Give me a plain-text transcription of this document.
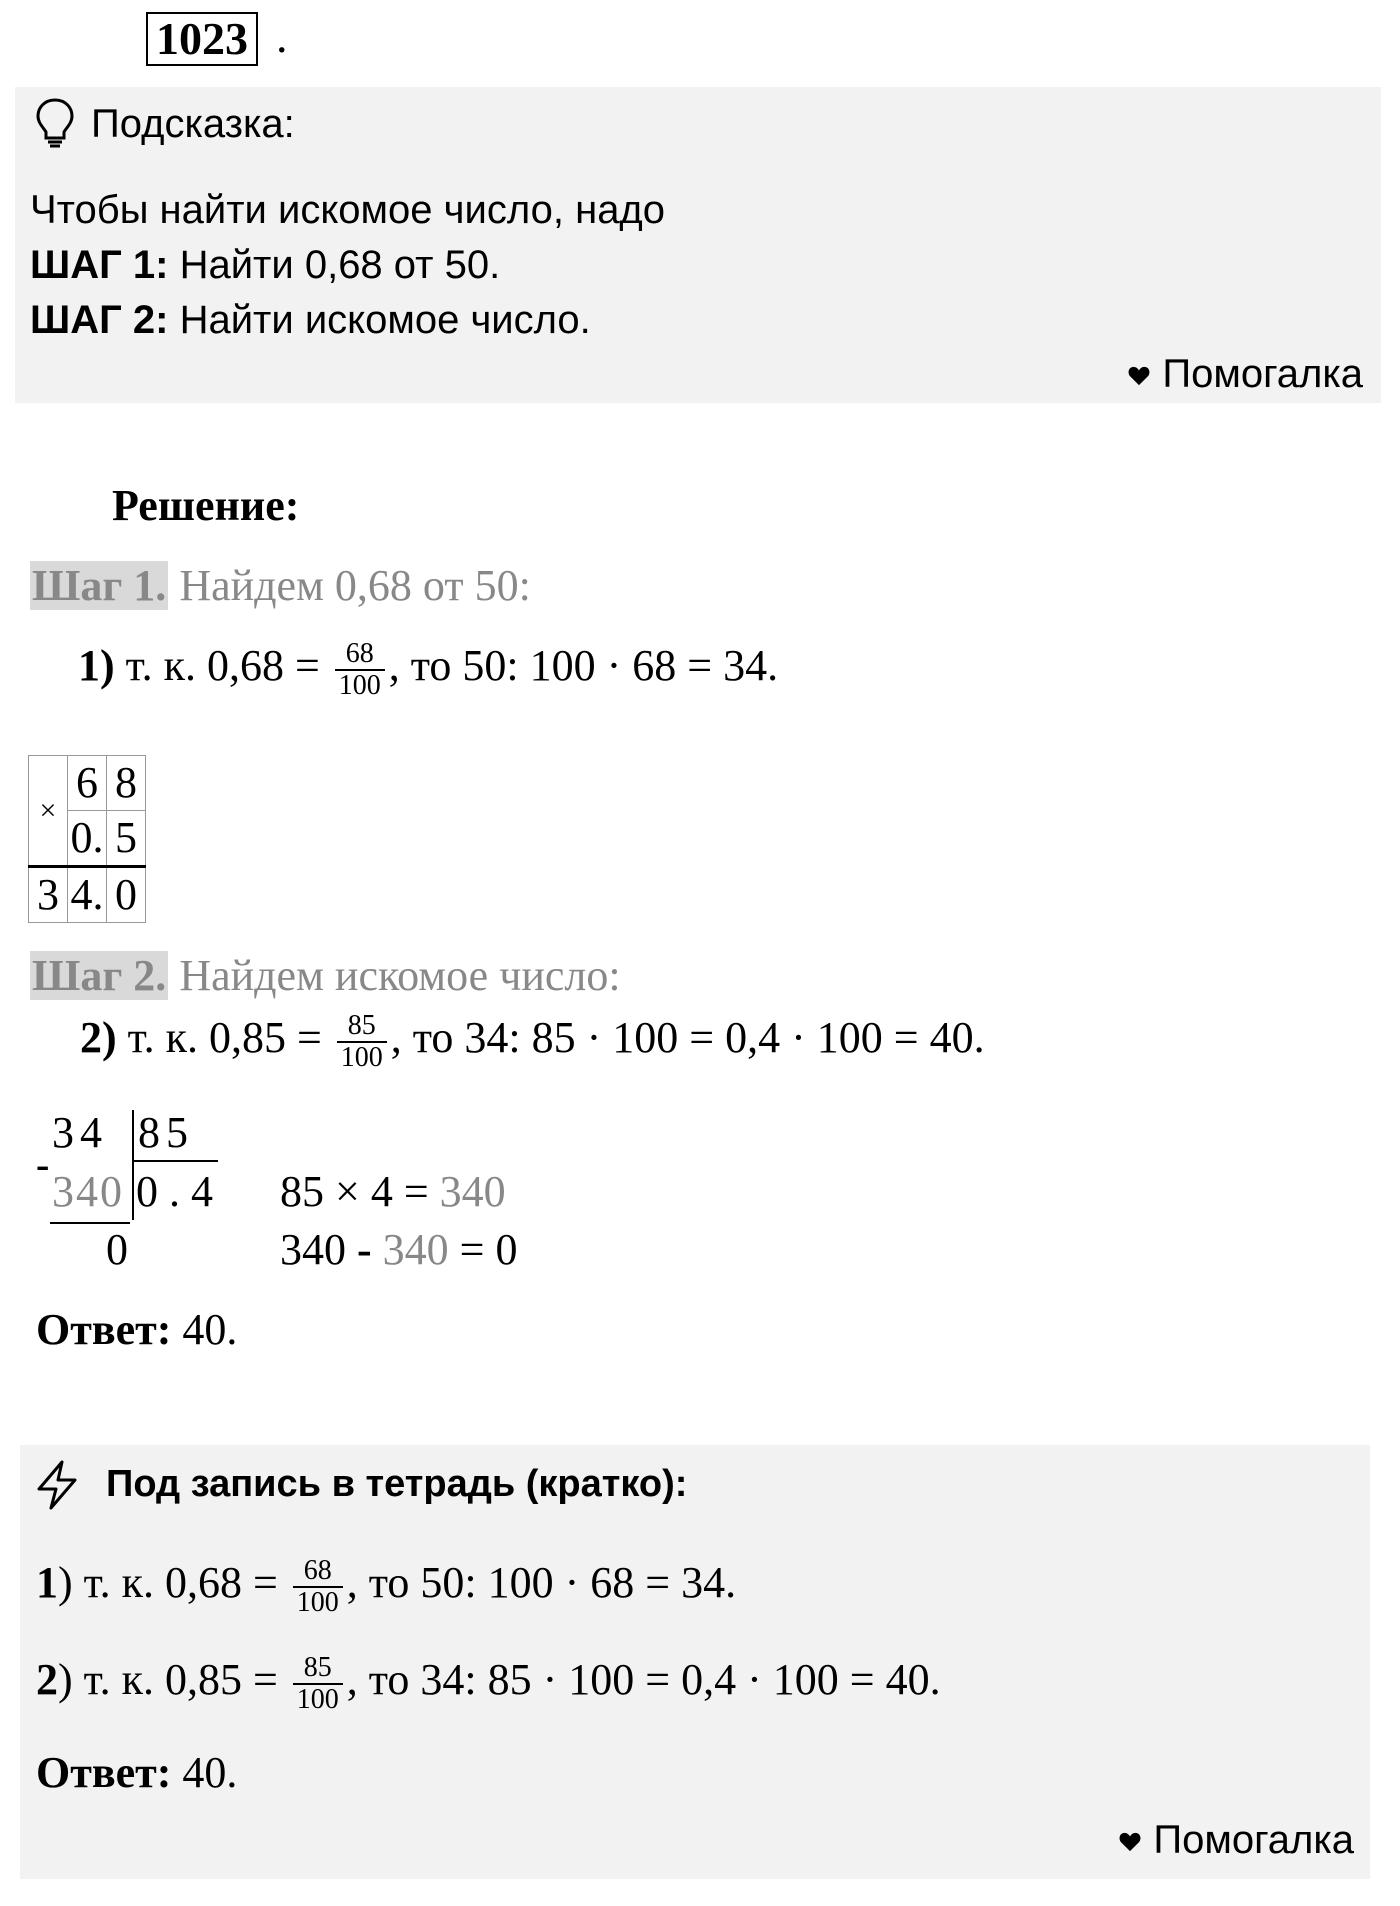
1023 .
Подсказка:
Чтобы найти искомое число, надо
ШАГ 1: Найти 0,68 от 50.
ШАГ 2: Найти искомое число.
Помогалка
Решение:
Шаг 1. Найдем 0,68 от 50:
1) т. к. $0,68 = \frac{68}{100}$ , то 50: 100 · 68 = 34.
×	6	8
	0.	5
3	4.	0
Шаг 2. Найдем искомое число:
2) т. к. $0,85 = \frac{85}{100}$ , то 34: 85 · 100 = 0,4 · 100 = 40.
34 85
-
340 0 . 4
0
85 × 4 = 340
340 - 340 = 0
Ответ: 40.
Под запись в тетрадь (кратко):
1) т. к. $0,68 = \frac{68}{100}$ , то 50: 100 · 68 = 34.
2) т. к. $0,85 = \frac{85}{100}$ , то 34: 85 · 100 = 0,4 · 100 = 40.
Ответ: 40.
Помогалка
